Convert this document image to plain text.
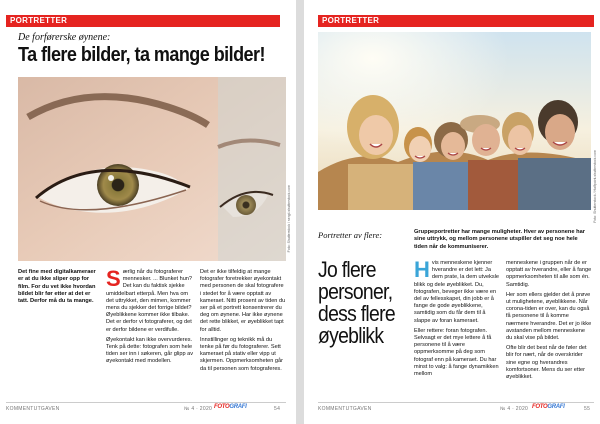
PORTRETTER
De forførerske øynene:
Ta flere bilder, ta mange bilder!
Foto: Shutterstock / sergii-shutterstock.com
Det fine med digitalkameraer er at du ikke sliper opp for film. For du vet ikke hvordan bildet blir før etter at det er tatt. Derfor må du ta mange.

Særlig når du fotograferer mennesker. ... Blunket hun? Det kan du faktisk sjekke umiddelbart etterpå. Men hva om det uttrykket, den mimen, kommer mens du sjekker det forrige bildet? Øyeblikkene kommer ikke tilbake. Det er derfor vi fotograferer, og det er derfor bildene er verdifulle.

Øyekontakt kan ikke overvurderes. Tenk på dette: fotografen som hele tiden ser inn i søkeren, går glipp av øyekontakt med modellen.

Det er ikke tilfeldig at mange fotografer foretrekker øyekontakt med personen de skal fotografere i stedet for å være opptatt av kameraet. Nitti prosent av tiden du ser på et portrett konsentrerer du deg om øynene. Har ikke øynene det rette blikket, er øyeblikket tapt for alltid.

Innstillinger og teknikk må du tenke på før du fotograferer. Sett kameraet på stativ eller vipp ut skjermen. Oppmerksomheten går da til personen som fotograferes.

KOMMENTUTGAVEN	№ 4 · 2020 FOTOGRAFI	54
PORTRETTER
Foto: Shutterstock / Halfpoint-shutterstock.com
Portretter av flere:	Gruppeportretter har mange muligheter. Hver av personene har sine uttrykk, og mellom personene utspiller det seg noe hele tiden når de kommuniserer.
Jo flere personer, dess flere øyeblikk

Hvis menneskene kjenner hverandre er det lett: Ja dem prate, la dem utveksle blikk og dele øyeblikket. Du, fotografen, beveger ikke være en del av fellesskapet, din jobb er å fange de gode øyeblikkene, samtidig som du får dem til å slappe av foran kameraet.

Eller rettere: foran fotografen. Selvsagt er det mye lettere å få personene til å være oppmerksomme på deg som fotograf enn på kameraet. Du har minst to valg: å fange dynamikken mellom

menneskene i gruppen når de er opptatt av hverandre, eller å fange oppmerksomheten til alle som én. Samtidig.

Her som ellers gjelder det å prøve ut mulighetene, øyeblikkene. Når corona-tiden er over, kan du også få personene til å komme nærmere hverandre. Det er jo ikke avstanden mellom menneskene du skal vise på bildet.

Ofte blir det best når de føler det blir for nært, når de overskrider sine egne og hverandres komfortsoner. Mens du ser etter øyeblikket.

KOMMENTUTGAVEN	№ 4 · 2020 FOTOGRAFI	55
